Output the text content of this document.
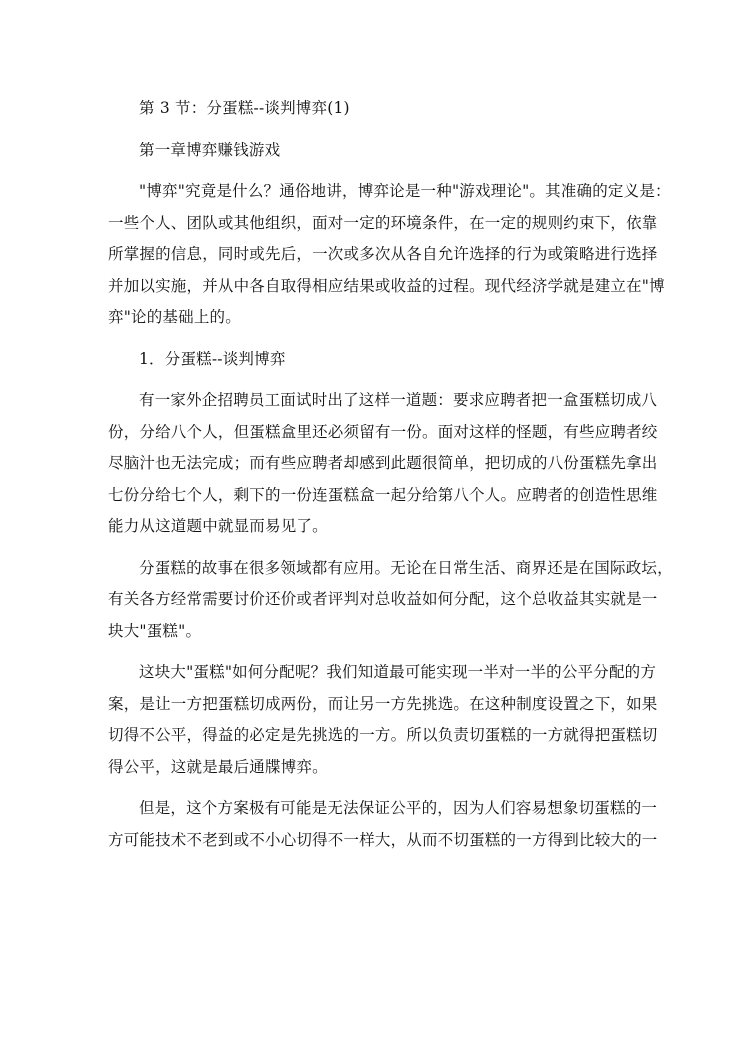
第 3 节：分蛋糕--谈判博弈(1)

第一章博弈赚钱游戏

"博弈"究竟是什么？通俗地讲，博弈论是一种"游戏理论"。其准确的定义是：
一些个人、团队或其他组织，面对一定的环境条件，在一定的规则约束下，依靠
所掌握的信息，同时或先后，一次或多次从各自允许选择的行为或策略进行选择
并加以实施，并从中各自取得相应结果或收益的过程。现代经济学就是建立在"博
弈"论的基础上的。

1．分蛋糕--谈判博弈

有一家外企招聘员工面试时出了这样一道题：要求应聘者把一盒蛋糕切成八
份，分给八个人，但蛋糕盒里还必须留有一份。面对这样的怪题，有些应聘者绞
尽脑汁也无法完成；而有些应聘者却感到此题很简单，把切成的八份蛋糕先拿出
七份分给七个人，剩下的一份连蛋糕盒一起分给第八个人。应聘者的创造性思维
能力从这道题中就显而易见了。

分蛋糕的故事在很多领域都有应用。无论在日常生活、商界还是在国际政坛，
有关各方经常需要讨价还价或者评判对总收益如何分配，这个总收益其实就是一
块大"蛋糕"。

这块大"蛋糕"如何分配呢？我们知道最可能实现一半对一半的公平分配的方
案，是让一方把蛋糕切成两份，而让另一方先挑选。在这种制度设置之下，如果
切得不公平，得益的必定是先挑选的一方。所以负责切蛋糕的一方就得把蛋糕切
得公平，这就是最后通牒博弈。

但是，这个方案极有可能是无法保证公平的，因为人们容易想象切蛋糕的一
方可能技术不老到或不小心切得不一样大，从而不切蛋糕的一方得到比较大的一
